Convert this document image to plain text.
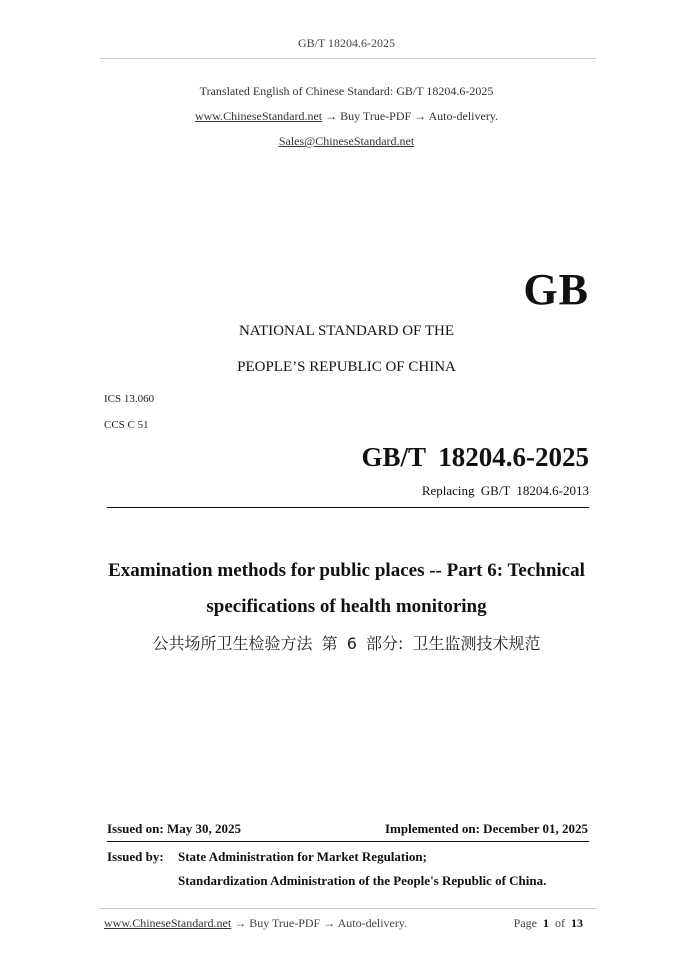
GB/T 18204.6-2025
Translated English of Chinese Standard: GB/T 18204.6-2025
www.ChineseStandard.net → Buy True-PDF → Auto-delivery.
Sales@ChineseStandard.net
GB
NATIONAL STANDARD OF THE
PEOPLE’S REPUBLIC OF CHINA
ICS 13.060
CCS C 51
GB/T 18204.6-2025
Replacing GB/T 18204.6-2013
Examination methods for public places -- Part 6: Technical
specifications of health monitoring
公共场所卫生检验方法 第 6 部分: 卫生监测技术规范
Issued on: May 30, 2025	Implemented on: December 01, 2025
Issued by: State Administration for Market Regulation;
Standardization Administration of the People's Republic of China.
www.ChineseStandard.net → Buy True-PDF → Auto-delivery.	Page 1 of 13
